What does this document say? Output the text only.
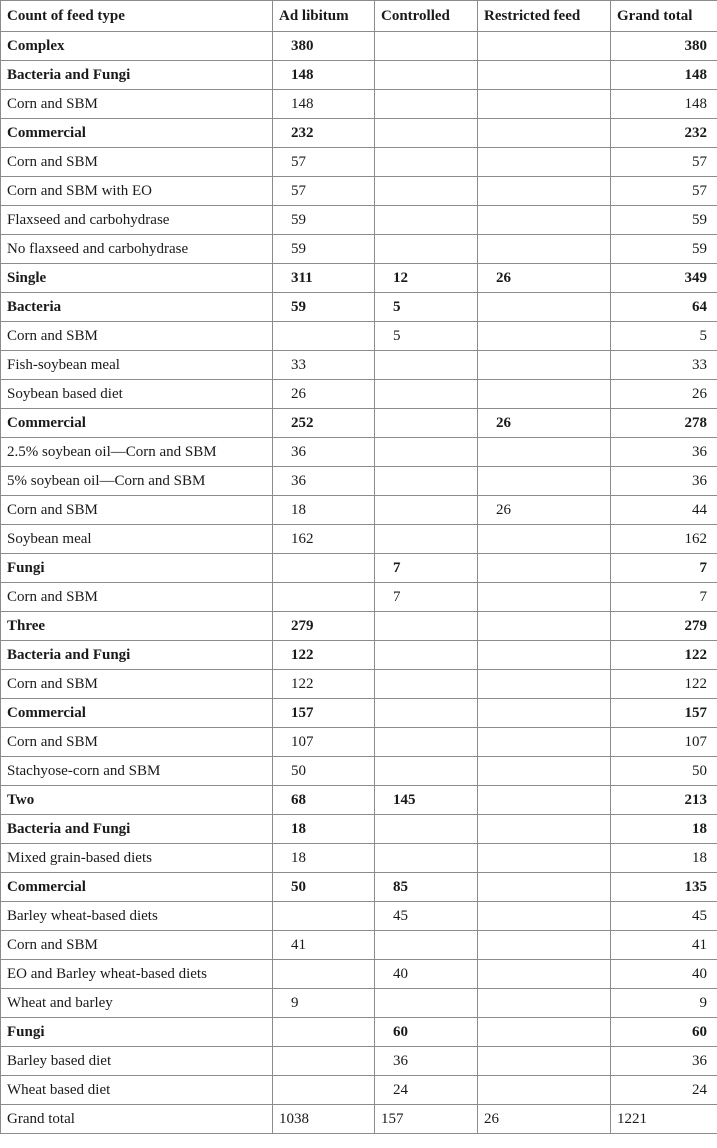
Count of feed type	Ad libitum	Controlled	Restricted feed	Grand total
Complex	380			380
Bacteria and Fungi	148			148
Corn and SBM	148			148
Commercial	232			232
Corn and SBM	57			57
Corn and SBM with EO	57			57
Flaxseed and carbohydrase	59			59
No flaxseed and carbohydrase	59			59
Single	311	12	26	349
Bacteria	59	5		64
Corn and SBM		5		5
Fish-soybean meal	33			33
Soybean based diet	26			26
Commercial	252		26	278
2.5% soybean oil—Corn and SBM	36			36
5% soybean oil—Corn and SBM	36			36
Corn and SBM	18		26	44
Soybean meal	162			162
Fungi		7		7
Corn and SBM		7		7
Three	279			279
Bacteria and Fungi	122			122
Corn and SBM	122			122
Commercial	157			157
Corn and SBM	107			107
Stachyose-corn and SBM	50			50
Two	68	145		213
Bacteria and Fungi	18			18
Mixed grain-based diets	18			18
Commercial	50	85		135
Barley wheat-based diets		45		45
Corn and SBM	41			41
EO and Barley wheat-based diets		40		40
Wheat and barley	9			9
Fungi		60		60
Barley based diet		36		36
Wheat based diet		24		24
Grand total	1038	157	26	1221
